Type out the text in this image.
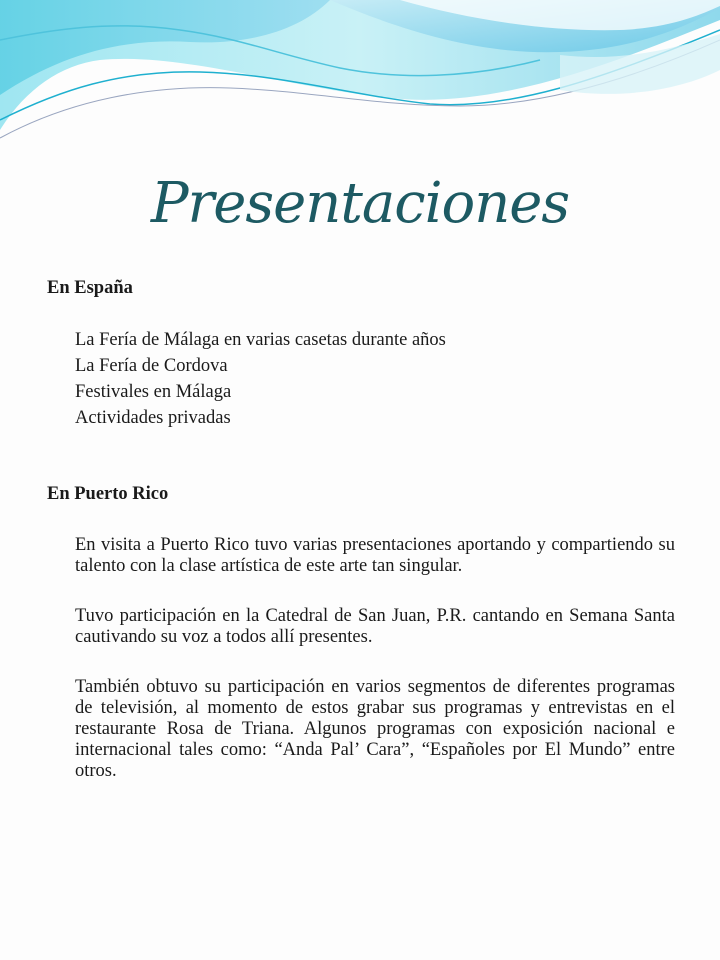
Presentaciones

En España

La Fería de Málaga en varias casetas durante años
La Fería de Cordova
Festivales en Málaga
Actividades privadas

En Puerto Rico

En visita a Puerto Rico tuvo varias presentaciones aportando y compartiendo su talento con la clase artística de este arte tan singular.

Tuvo participación en la Catedral de San Juan, P.R. cantando en Semana Santa cautivando su voz a todos allí presentes.

También obtuvo su participación en varios segmentos de diferentes programas de televisión, al momento de estos grabar sus programas y entrevistas en el restaurante Rosa de Triana. Algunos programas con exposición nacional e internacional tales como: “Anda Pal’ Cara”, “Españoles por El Mundo” entre otros.
